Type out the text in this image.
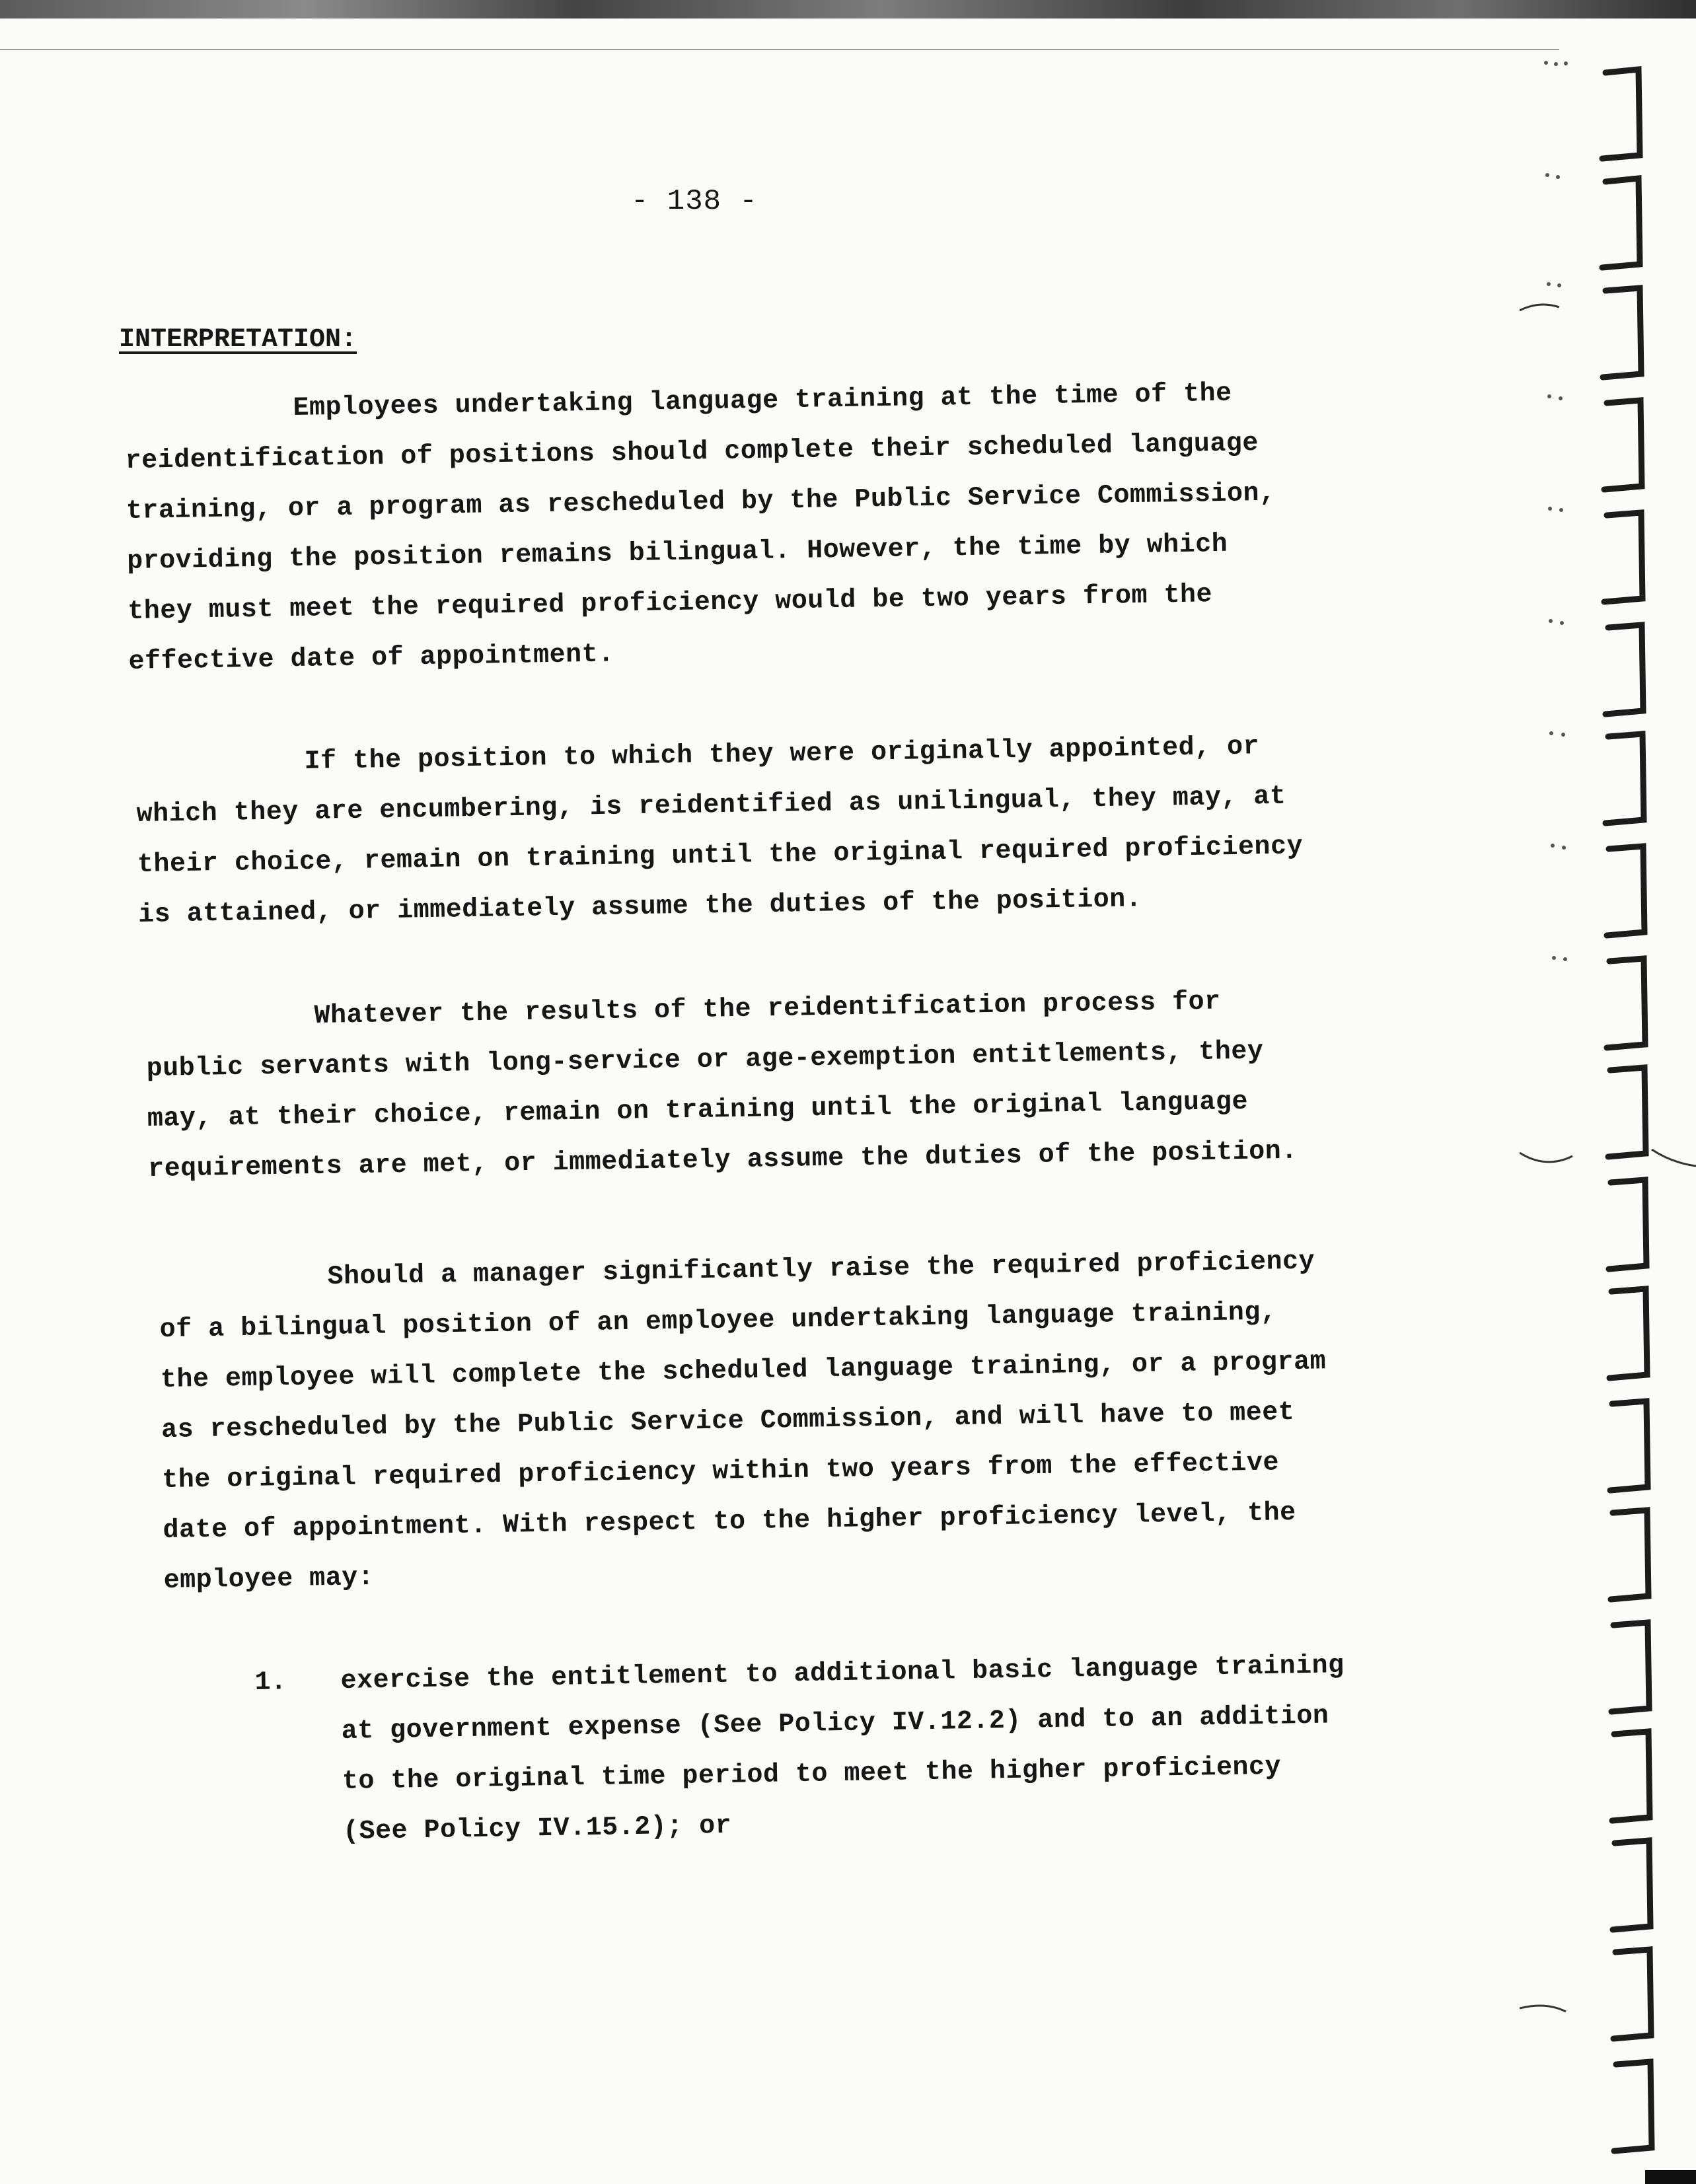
- 138 -
INTERPRETATION:
Employees undertaking language training at the time of the
reidentification of positions should complete their scheduled language
training, or a program as rescheduled by the Public Service Commission,
providing the position remains bilingual. However, the time by which
they must meet the required proficiency would be two years from the
effective date of appointment.
If the position to which they were originally appointed, or
which they are encumbering, is reidentified as unilingual, they may, at
their choice, remain on training until the original required proficiency
is attained, or immediately assume the duties of the position.
Whatever the results of the reidentification process for
public servants with long-service or age-exemption entitlements, they
may, at their choice, remain on training until the original language
requirements are met, or immediately assume the duties of the position.
Should a manager significantly raise the required proficiency
of a bilingual position of an employee undertaking language training,
the employee will complete the scheduled language training, or a program
as rescheduled by the Public Service Commission, and will have to meet
the original required proficiency within two years from the effective
date of appointment. With respect to the higher proficiency level, the
employee may:
1. exercise the entitlement to additional basic language training
at government expense (See Policy IV.12.2) and to an addition
to the original time period to meet the higher proficiency
(See Policy IV.15.2); or
